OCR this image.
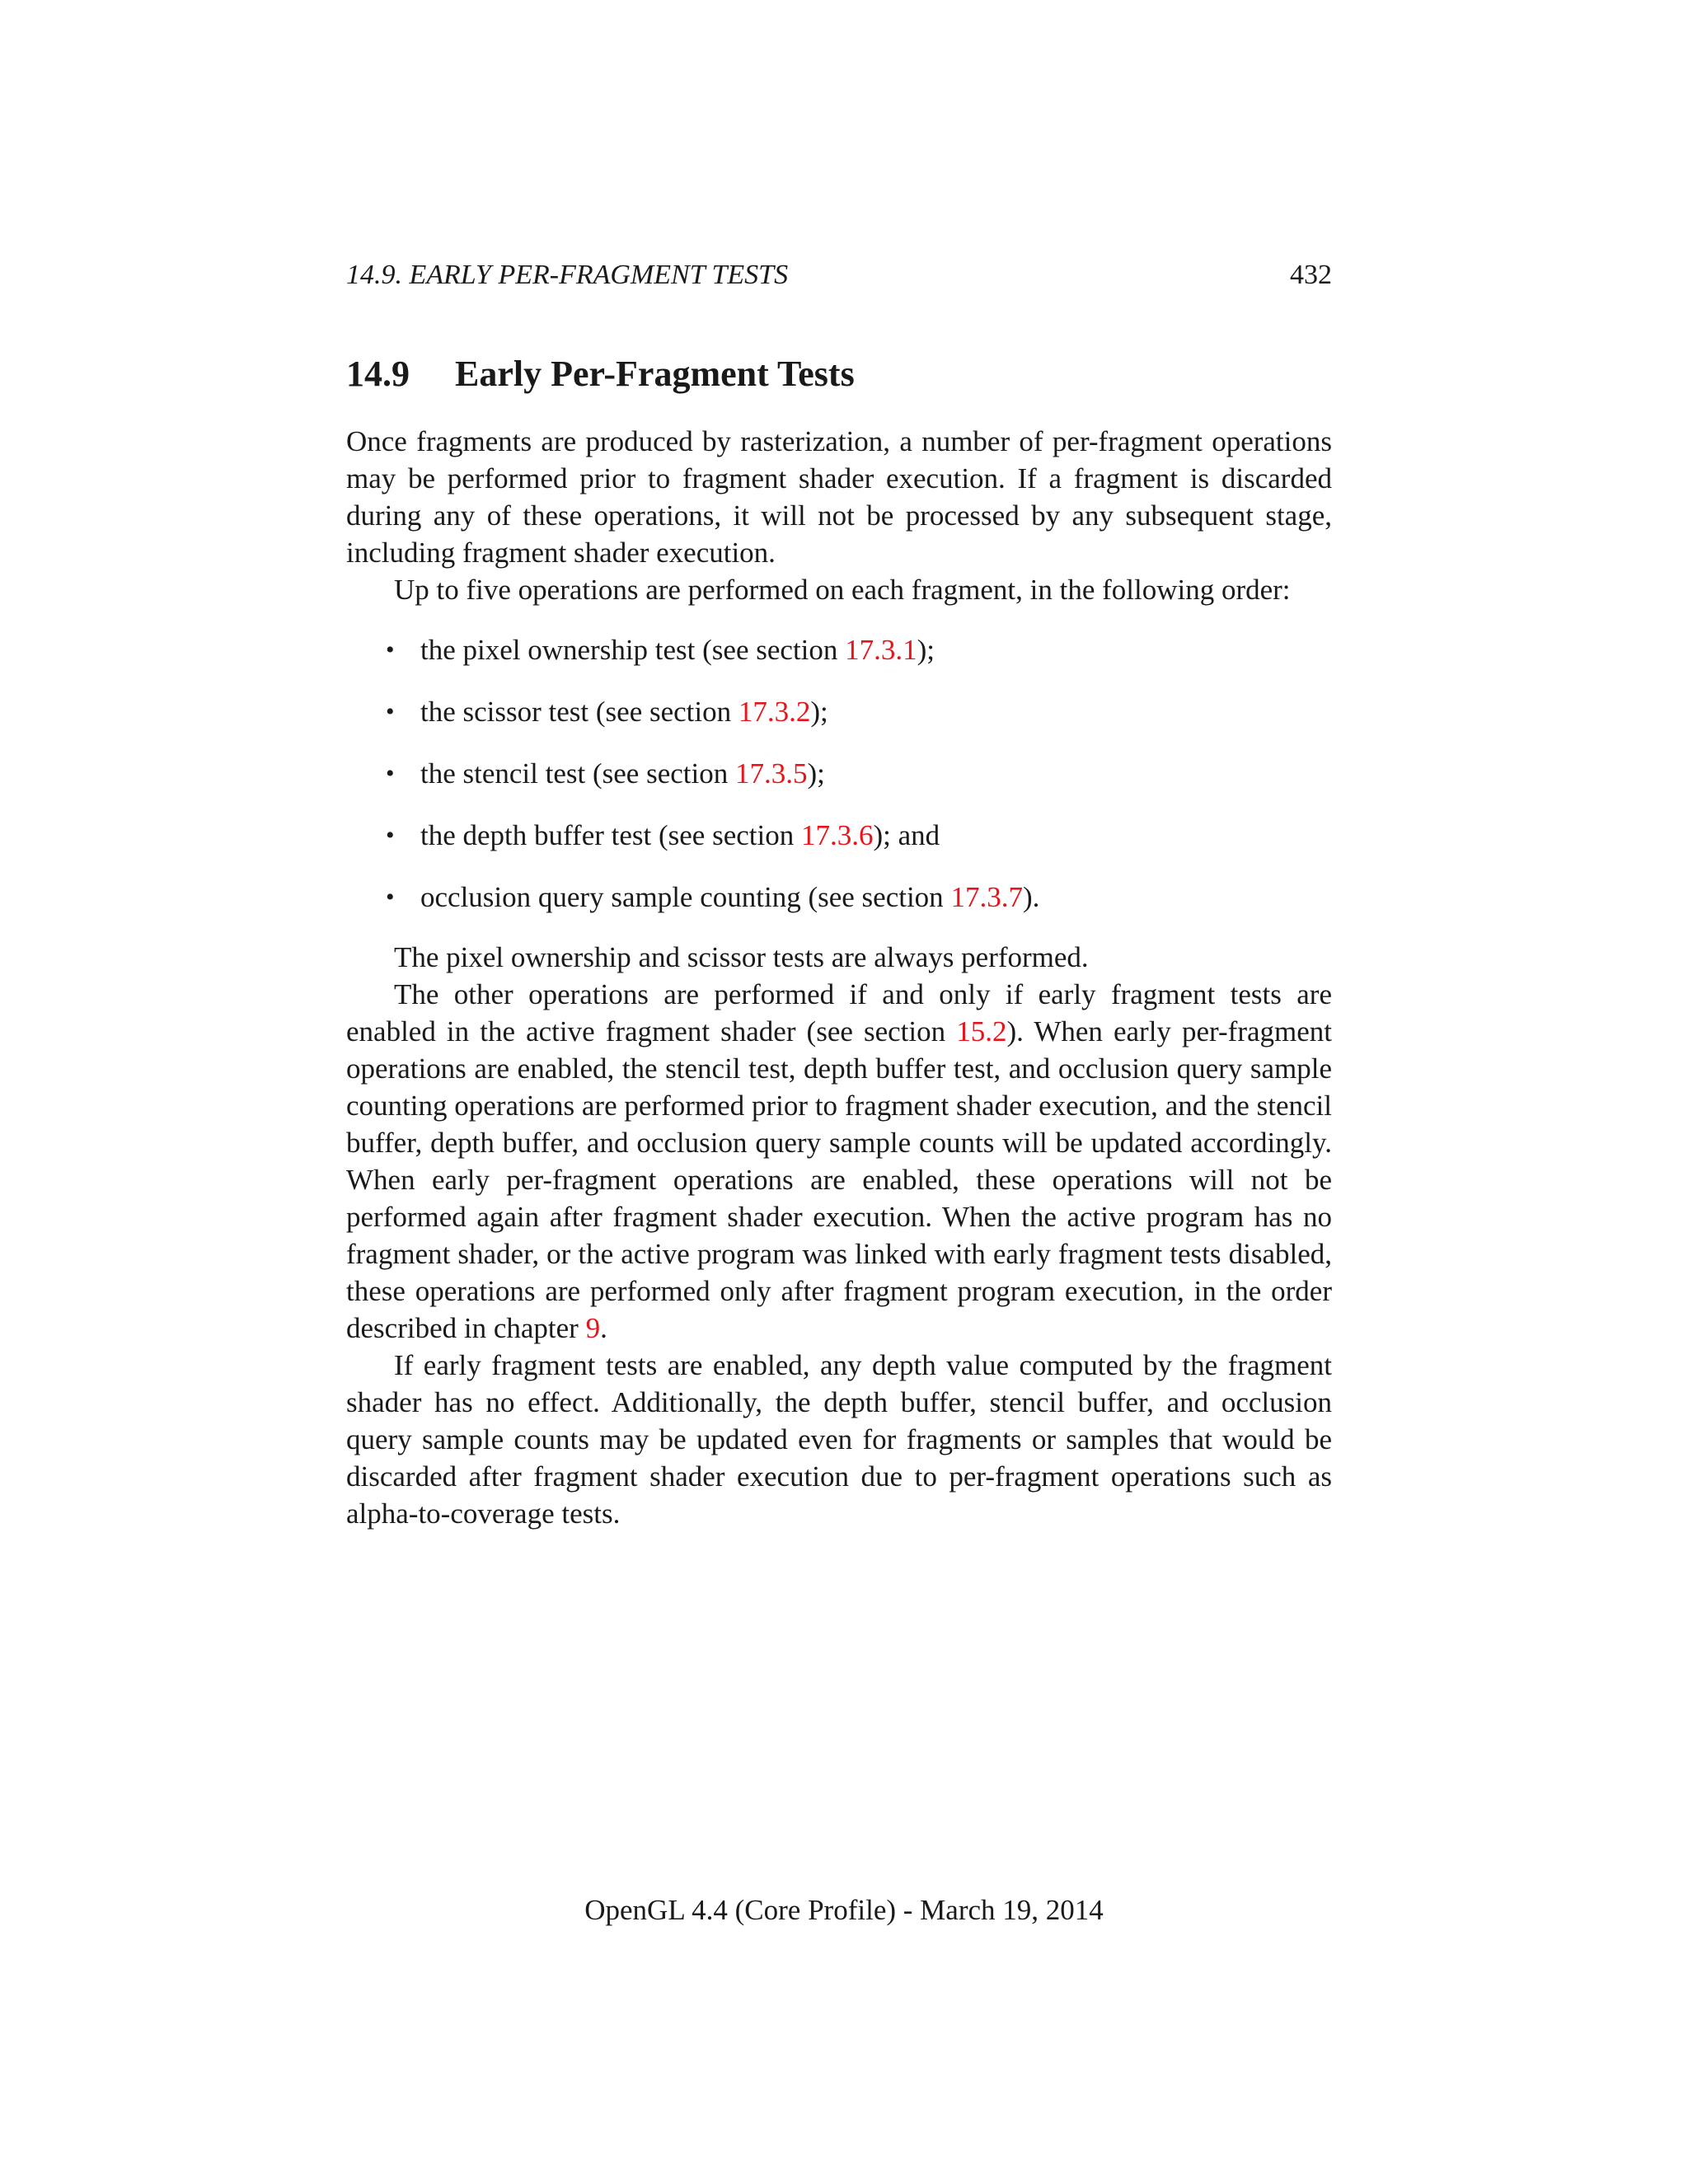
14.9. EARLY PER-FRAGMENT TESTS	432
14.9 Early Per-Fragment Tests

Once fragments are produced by rasterization, a number of per-fragment operations may be performed prior to fragment shader execution. If a fragment is discarded during any of these operations, it will not be processed by any subsequent stage, including fragment shader execution.

Up to five operations are performed on each fragment, in the following order:

• the pixel ownership test (see section 17.3.1);
• the scissor test (see section 17.3.2);
• the stencil test (see section 17.3.5);
• the depth buffer test (see section 17.3.6); and
• occlusion query sample counting (see section 17.3.7).

The pixel ownership and scissor tests are always performed.

The other operations are performed if and only if early fragment tests are enabled in the active fragment shader (see section 15.2). When early per-fragment operations are enabled, the stencil test, depth buffer test, and occlusion query sample counting operations are performed prior to fragment shader execution, and the stencil buffer, depth buffer, and occlusion query sample counts will be updated accordingly. When early per-fragment operations are enabled, these operations will not be performed again after fragment shader execution. When the active program has no fragment shader, or the active program was linked with early fragment tests disabled, these operations are performed only after fragment program execution, in the order described in chapter 9.

If early fragment tests are enabled, any depth value computed by the fragment shader has no effect. Additionally, the depth buffer, stencil buffer, and occlusion query sample counts may be updated even for fragments or samples that would be discarded after fragment shader execution due to per-fragment operations such as alpha-to-coverage tests.

OpenGL 4.4 (Core Profile) - March 19, 2014
